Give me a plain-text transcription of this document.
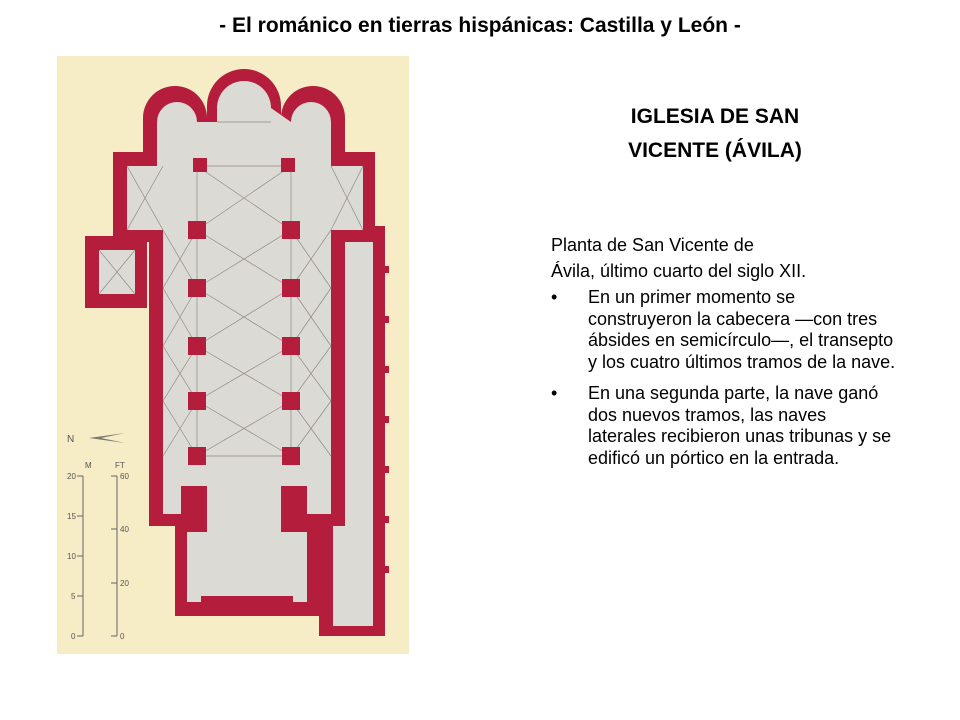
- El románico en tierras hispánicas: Castilla y León -
N
0
5
10
15
20
M
0
20
40
60
FT
IGLESIA DE SAN
VICENTE (ÁVILA)

Planta de San Vicente de

Ávila, último cuarto del siglo XII.

• En un primer momento se construyeron la cabecera —con tres ábsides en semicírculo—, el transepto y los cuatro últimos tramos de la nave.
• En una segunda parte, la nave ganó dos nuevos tramos, las naves laterales recibieron unas tribunas y se edificó un pórtico en la entrada.
